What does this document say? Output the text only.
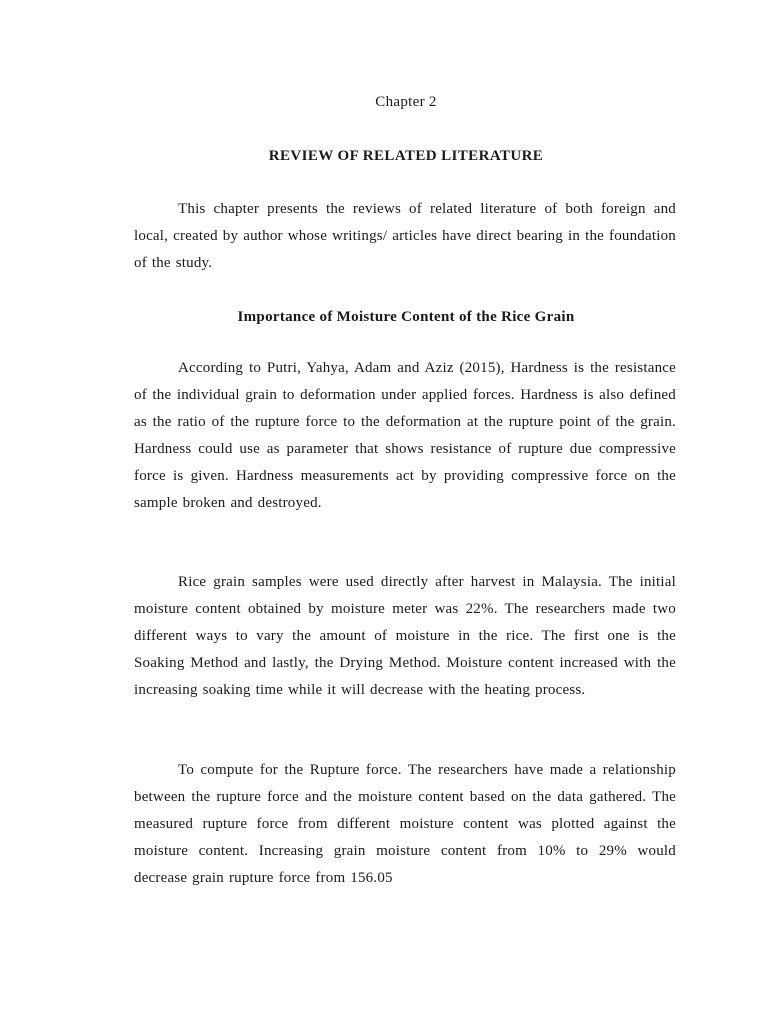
Chapter 2
REVIEW OF RELATED LITERATURE

This chapter presents the reviews of related literature of both foreign and local, created by author whose writings/ articles have direct bearing in the foundation of the study.

Importance of Moisture Content of the Rice Grain

According to Putri, Yahya, Adam and Aziz (2015), Hardness is the resistance of the individual grain to deformation under applied forces. Hardness is also defined as the ratio of the rupture force to the deformation at the rupture point of the grain. Hardness could use as parameter that shows resistance of rupture due compressive force is given. Hardness measurements act by providing compressive force on the sample broken and destroyed.

Rice grain samples were used directly after harvest in Malaysia. The initial moisture content obtained by moisture meter was 22%. The researchers made two different ways to vary the amount of moisture in the rice. The first one is the Soaking Method and lastly, the Drying Method. Moisture content increased with the increasing soaking time while it will decrease with the heating process.

To compute for the Rupture force. The researchers have made a relationship between the rupture force and the moisture content based on the data gathered. The measured rupture force from different moisture content was plotted against the moisture content. Increasing grain moisture content from 10% to 29% would decrease grain rupture force from 156.05
